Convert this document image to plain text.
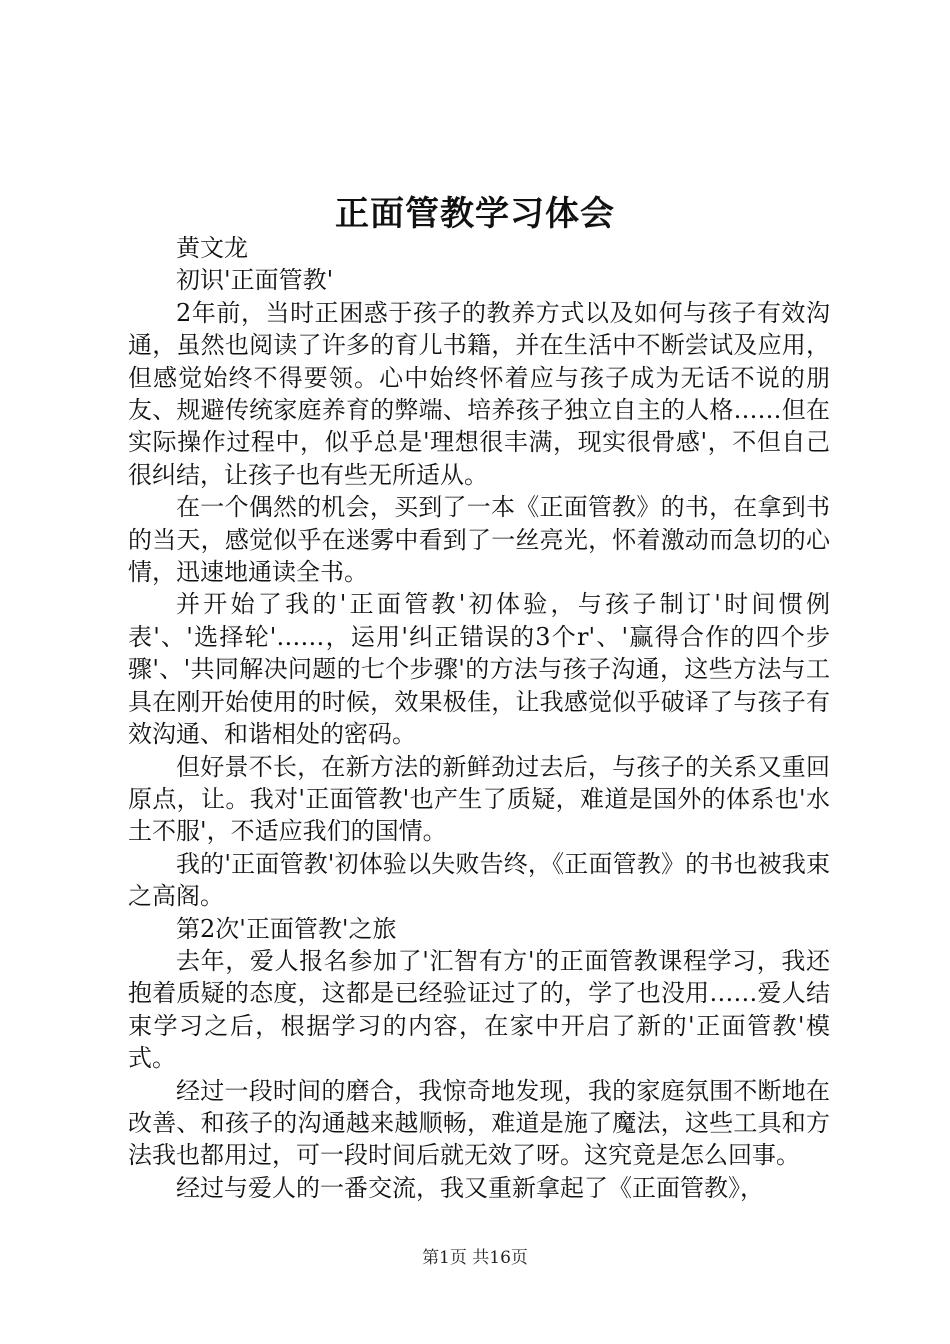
正面管教学习体会

黄文龙

初识'正面管教'

2年前，当时正困惑于孩子的教养方式以及如何与孩子有效沟通，虽然也阅读了许多的育儿书籍，并在生活中不断尝试及应用，但感觉始终不得要领。心中始终怀着应与孩子成为无话不说的朋友、规避传统家庭养育的弊端、培养孩子独立自主的人格……但在实际操作过程中，似乎总是'理想很丰满，现实很骨感'，不但自己很纠结，让孩子也有些无所适从。

在一个偶然的机会，买到了一本《正面管教》的书，在拿到书的当天，感觉似乎在迷雾中看到了一丝亮光，怀着激动而急切的心情，迅速地通读全书。

并开始了我的'正面管教'初体验，与孩子制订'时间惯例表'、'选择轮'……，运用'纠正错误的3个r'、'赢得合作的四个步骤'、'共同解决问题的七个步骤'的方法与孩子沟通，这些方法与工具在刚开始使用的时候，效果极佳，让我感觉似乎破译了与孩子有效沟通、和谐相处的密码。

但好景不长，在新方法的新鲜劲过去后，与孩子的关系又重回原点，让。我对'正面管教'也产生了质疑，难道是国外的体系也'水土不服'，不适应我们的国情。

我的'正面管教'初体验以失败告终，《正面管教》的书也被我束之高阁。

第2次'正面管教'之旅

去年，爱人报名参加了'汇智有方'的正面管教课程学习，我还抱着质疑的态度，这都是已经验证过了的，学了也没用……爱人结束学习之后，根据学习的内容，在家中开启了新的'正面管教'模式。

经过一段时间的磨合，我惊奇地发现，我的家庭氛围不断地在改善、和孩子的沟通越来越顺畅，难道是施了魔法，这些工具和方法我也都用过，可一段时间后就无效了呀。这究竟是怎么回事。

经过与爱人的一番交流，我又重新拿起了《正面管教》，

第1页 共16页
